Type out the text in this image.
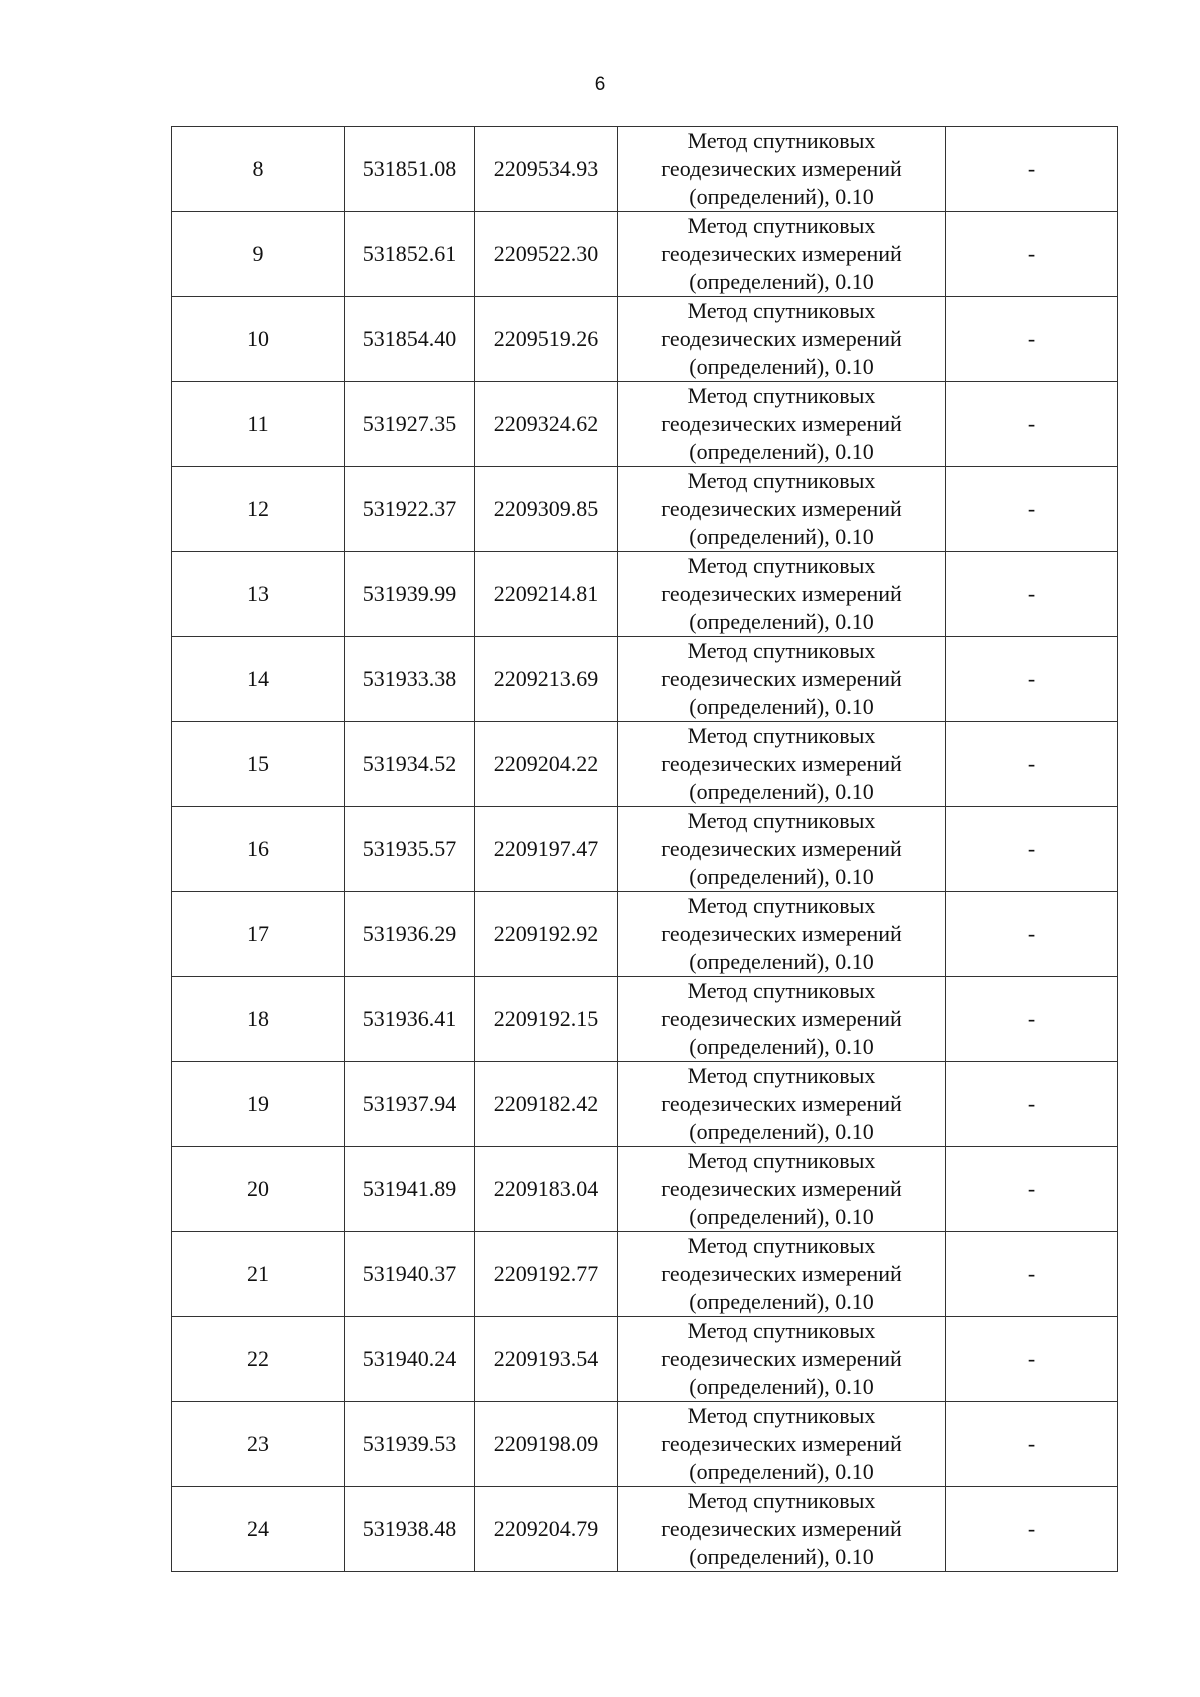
6
8	531851.08	2209534.93	Метод спутниковых
геодезических измерений
(определений), 0.10	-
9	531852.61	2209522.30	Метод спутниковых
геодезических измерений
(определений), 0.10	-
10	531854.40	2209519.26	Метод спутниковых
геодезических измерений
(определений), 0.10	-
11	531927.35	2209324.62	Метод спутниковых
геодезических измерений
(определений), 0.10	-
12	531922.37	2209309.85	Метод спутниковых
геодезических измерений
(определений), 0.10	-
13	531939.99	2209214.81	Метод спутниковых
геодезических измерений
(определений), 0.10	-
14	531933.38	2209213.69	Метод спутниковых
геодезических измерений
(определений), 0.10	-
15	531934.52	2209204.22	Метод спутниковых
геодезических измерений
(определений), 0.10	-
16	531935.57	2209197.47	Метод спутниковых
геодезических измерений
(определений), 0.10	-
17	531936.29	2209192.92	Метод спутниковых
геодезических измерений
(определений), 0.10	-
18	531936.41	2209192.15	Метод спутниковых
геодезических измерений
(определений), 0.10	-
19	531937.94	2209182.42	Метод спутниковых
геодезических измерений
(определений), 0.10	-
20	531941.89	2209183.04	Метод спутниковых
геодезических измерений
(определений), 0.10	-
21	531940.37	2209192.77	Метод спутниковых
геодезических измерений
(определений), 0.10	-
22	531940.24	2209193.54	Метод спутниковых
геодезических измерений
(определений), 0.10	-
23	531939.53	2209198.09	Метод спутниковых
геодезических измерений
(определений), 0.10	-
24	531938.48	2209204.79	Метод спутниковых
геодезических измерений
(определений), 0.10	-
